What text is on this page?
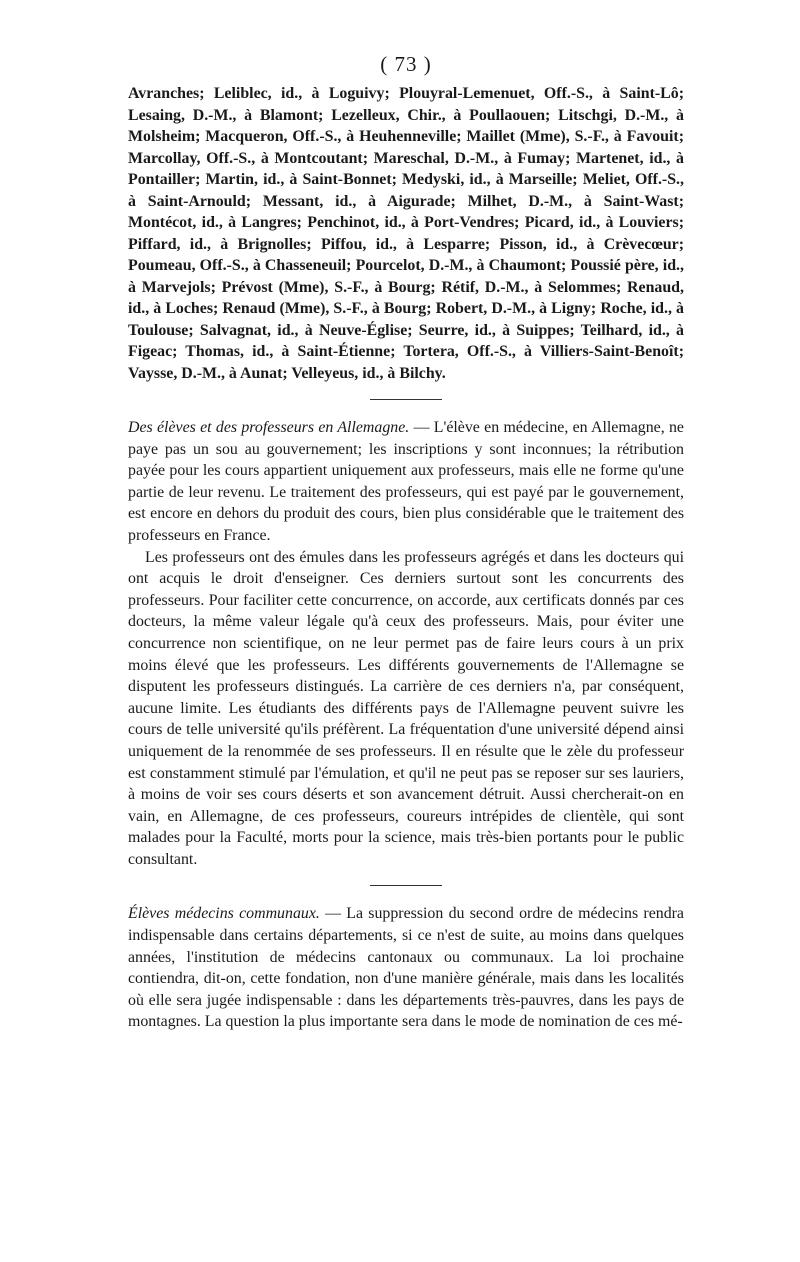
( 73 )

Avranches; Leliblec, id., à Loguivy; Plouyral-Lemenuet, Off.-S., à Saint-Lô; Lesaing, D.-M., à Blamont; Lezelleux, Chir., à Poullaouen; Litschgi, D.-M., à Molsheim; Macqueron, Off.-S., à Heuhenneville; Maillet (Mme), S.-F., à Favouit; Marcollay, Off.-S., à Montcoutant; Mareschal, D.-M., à Fumay; Martenet, id., à Pontailler; Martin, id., à Saint-Bonnet; Medyski, id., à Marseille; Meliet, Off.-S., à Saint-Arnould; Messant, id., à Aigurade; Milhet, D.-M., à Saint-Wast; Montécot, id., à Langres; Penchinot, id., à Port-Vendres; Picard, id., à Louviers; Piffard, id., à Brignolles; Piffou, id., à Lesparre; Pisson, id., à Crèvecœur; Poumeau, Off.-S., à Chasseneuil; Pourcelot, D.-M., à Chaumont; Poussié père, id., à Marvejols; Prévost (Mme), S.-F., à Bourg; Rétif, D.-M., à Selommes; Renaud, id., à Loches; Renaud (Mme), S.-F., à Bourg; Robert, D.-M., à Ligny; Roche, id., à Toulouse; Salvagnat, id., à Neuve-Église; Seurre, id., à Suippes; Teilhard, id., à Figeac; Thomas, id., à Saint-Étienne; Tortera, Off.-S., à Villiers-Saint-Benoît; Vaysse, D.-M., à Aunat; Velleyeus, id., à Bilchy.

Des élèves et des professeurs en Allemagne. — L'élève en médecine, en Allemagne, ne paye pas un sou au gouvernement; les inscriptions y sont inconnues; la rétribution payée pour les cours appartient uniquement aux professeurs, mais elle ne forme qu'une partie de leur revenu. Le traitement des professeurs, qui est payé par le gouvernement, est encore en dehors du produit des cours, bien plus considérable que le traitement des professeurs en France.

Les professeurs ont des émules dans les professeurs agrégés et dans les docteurs qui ont acquis le droit d'enseigner. Ces derniers surtout sont les concurrents des professeurs. Pour faciliter cette concurrence, on accorde, aux certificats donnés par ces docteurs, la même valeur légale qu'à ceux des professeurs. Mais, pour éviter une concurrence non scientifique, on ne leur permet pas de faire leurs cours à un prix moins élevé que les professeurs. Les différents gouvernements de l'Allemagne se disputent les professeurs distingués. La carrière de ces derniers n'a, par conséquent, aucune limite. Les étudiants des différents pays de l'Allemagne peuvent suivre les cours de telle université qu'ils préfèrent. La fréquentation d'une université dépend ainsi uniquement de la renommée de ses professeurs. Il en résulte que le zèle du professeur est constamment stimulé par l'émulation, et qu'il ne peut pas se reposer sur ses lauriers, à moins de voir ses cours déserts et son avancement détruit. Aussi chercherait-on en vain, en Allemagne, de ces professeurs, coureurs intrépides de clientèle, qui sont malades pour la Faculté, morts pour la science, mais très-bien portants pour le public consultant.

Élèves médecins communaux. — La suppression du second ordre de médecins rendra indispensable dans certains départements, si ce n'est de suite, au moins dans quelques années, l'institution de médecins cantonaux ou communaux. La loi prochaine contiendra, dit-on, cette fondation, non d'une manière générale, mais dans les localités où elle sera jugée indispensable : dans les départements très-pauvres, dans les pays de montagnes. La question la plus importante sera dans le mode de nomination de ces mé-
